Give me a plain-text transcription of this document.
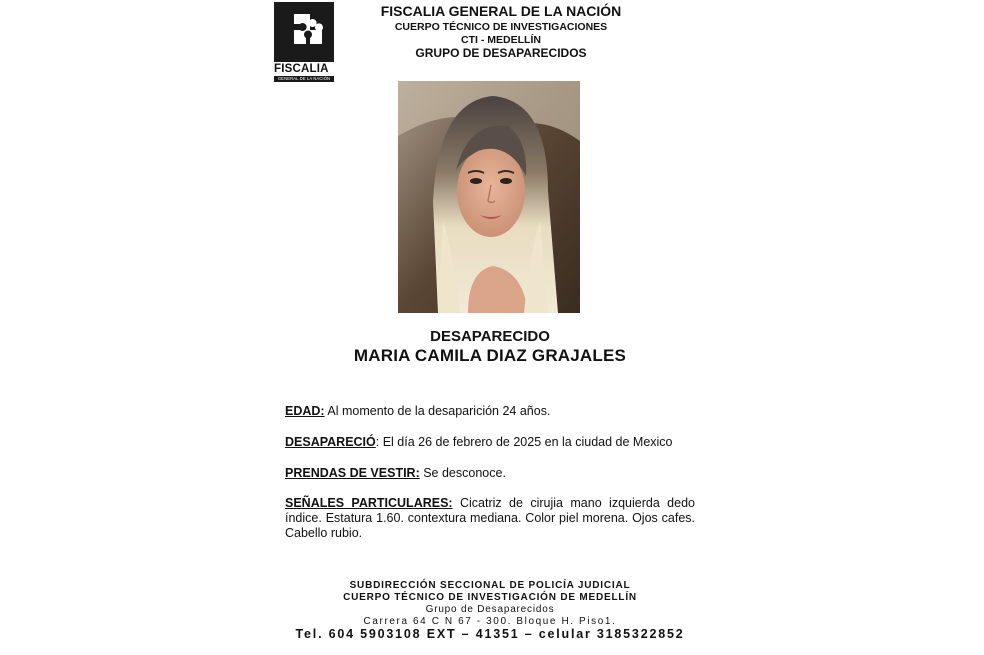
FISCALIA
GENERAL DE LA NACIÓN
FISCALIA GENERAL DE LA NACIÓN
CUERPO TÉCNICO DE INVESTIGACIONES
CTI - MEDELLÍN
GRUPO DE DESAPARECIDOS
DESAPARECIDO
MARIA CAMILA DIAZ GRAJALES
EDAD: Al momento de la desaparición 24 años.
DESAPARECIÓ: El día 26 de febrero de 2025 en la ciudad de Mexico
PRENDAS DE VESTIR: Se desconoce.
SEÑALES PARTICULARES: Cicatriz de cirujia mano izquierda dedo índice. Estatura 1.60. contextura mediana. Color piel morena. Ojos cafes. Cabello rubio.
SUBDIRECCIÓN SECCIONAL DE POLICÍA JUDICIAL
CUERPO TÉCNICO DE INVESTIGACIÓN DE MEDELLÍN
Grupo de Desaparecidos
Carrera 64 C N 67 - 300. Bloque H. Piso1.
Tel. 604 5903108 EXT – 41351 – celular 3185322852
